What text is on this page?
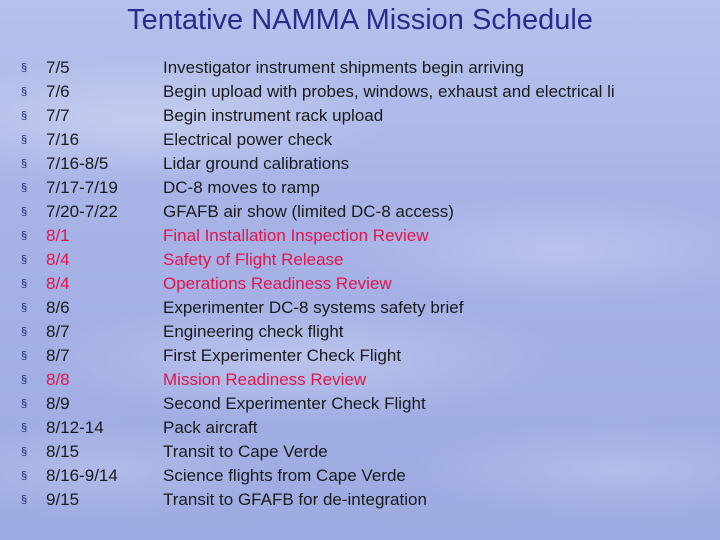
Tentative NAMMA Mission Schedule
§ 7/5	Investigator instrument shipments begin arriving
§ 7/6	Begin upload with probes, windows, exhaust and electrical li
§ 7/7	Begin instrument rack upload
§ 7/16	Electrical power check
§ 7/16-8/5	Lidar ground calibrations
§ 7/17-7/19	DC-8 moves to ramp
§ 7/20-7/22	GFAFB air show (limited DC-8 access)
§ 8/1	Final Installation Inspection Review
§ 8/4	Safety of Flight Release
§ 8/4	Operations Readiness Review
§ 8/6	Experimenter DC-8 systems safety brief
§ 8/7	Engineering check flight
§ 8/7	First Experimenter Check Flight
§ 8/8	Mission Readiness Review
§ 8/9	Second Experimenter Check Flight
§ 8/12-14	Pack aircraft
§ 8/15	Transit to Cape Verde
§ 8/16-9/14	Science flights from Cape Verde
§ 9/15	Transit to GFAFB for de-integration
